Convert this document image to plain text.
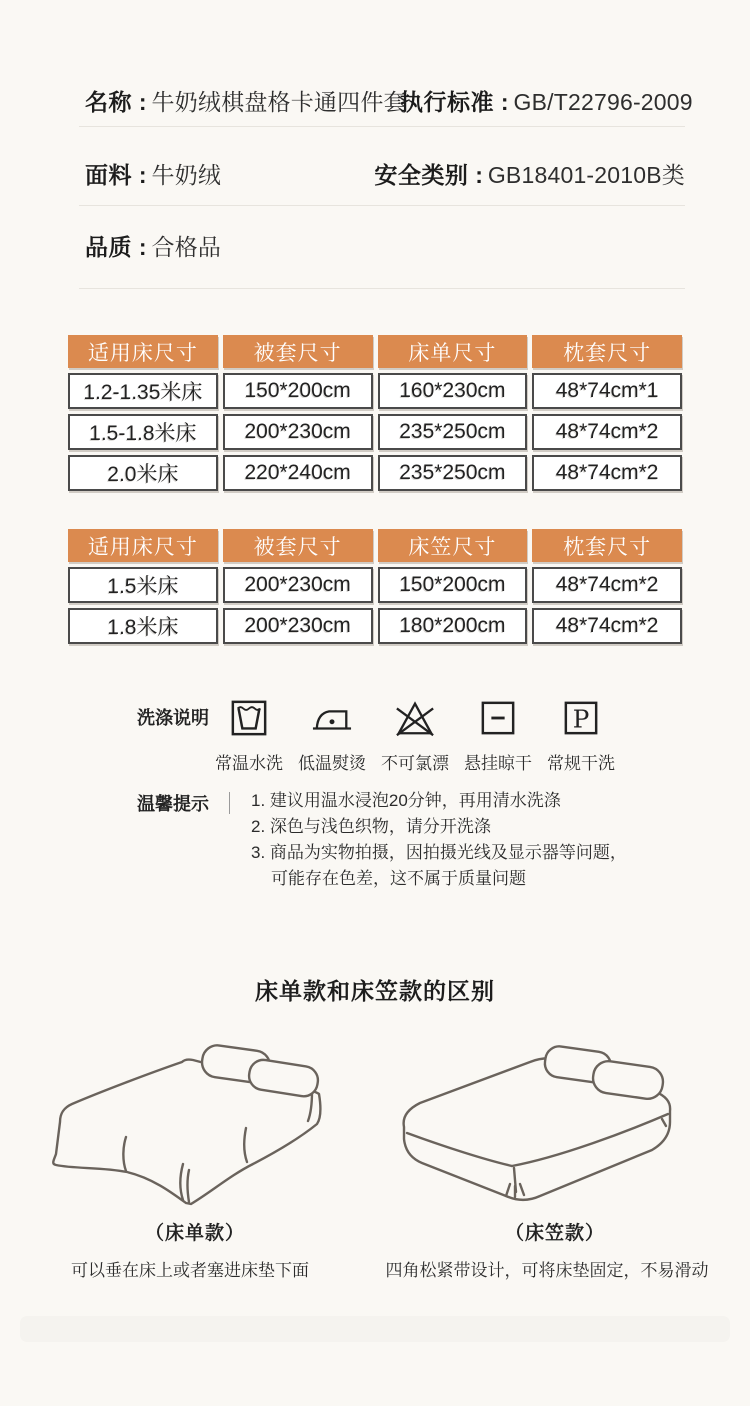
名称 :
牛奶绒棋盘格卡通四件套
执行标准 :
GB/T22796-2009
面料 :
牛奶绒	安全类别 :
GB18401-2010B类
品质 :
合格品
适用床尺寸	被套尺寸	床单尺寸	枕套尺寸
1.2-1.35米床	150*200cm	160*230cm	48*74cm*1
1.5-1.8米床	200*230cm	235*250cm	48*74cm*2
2.0米床	220*240cm	235*250cm	48*74cm*2
适用床尺寸	被套尺寸	床笠尺寸	枕套尺寸
1.5米床	200*230cm	150*200cm	48*74cm*2
1.8米床	200*230cm	180*200cm	48*74cm*2
洗涤说明
常温水洗 低温熨烫 不可氯漂 悬挂晾干
P
常规干洗
温馨提示 1. 建议用温水浸泡20分钟，再用清水洗涤
2. 深色与浅色织物，请分开洗涤
3. 商品为实物拍摄，因拍摄光线及显示器等问题，
可能存在色差，这不属于质量问题
床单款和床笠款的区别
（床单款）	（床笠款）
可以垂在床上或者塞进床垫下面	四角松紧带设计，可将床垫固定，不易滑动
